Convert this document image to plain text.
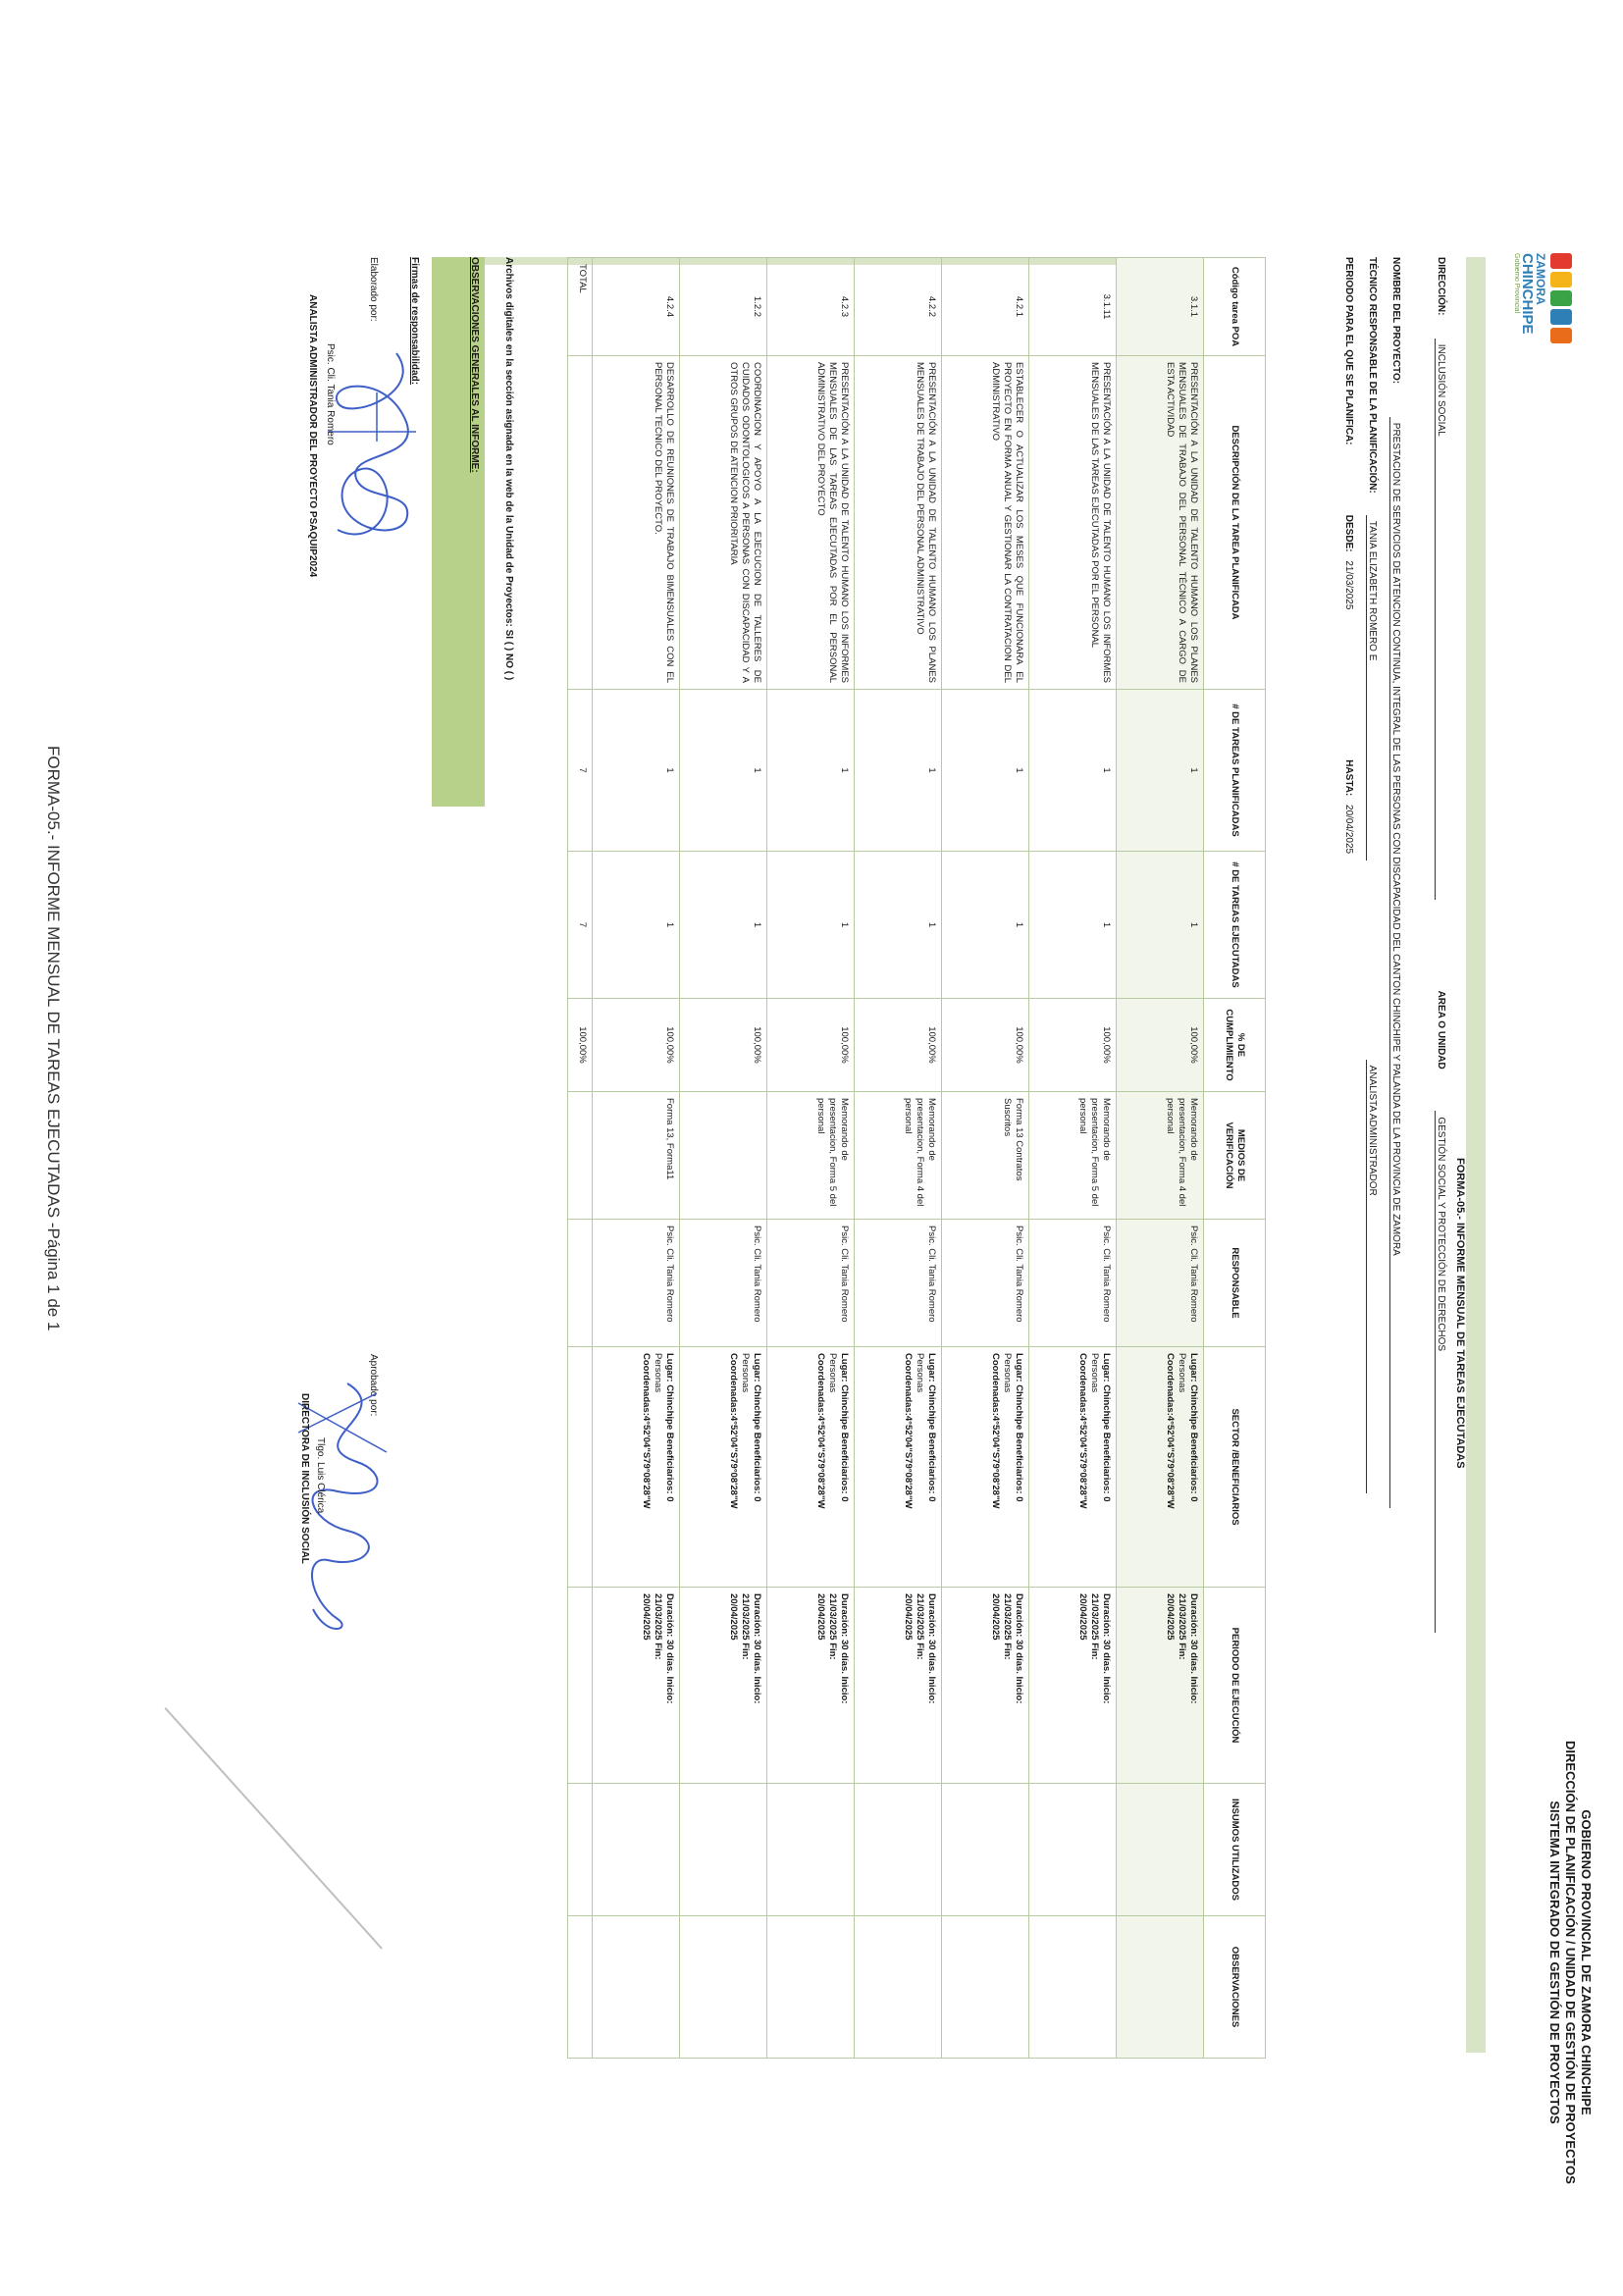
ZAMORA
CHINCHIPE
Gobierno Provincial
GOBIERNO PROVINCIAL DE ZAMORA CHINCHIPE
DIRECCIÓN DE PLANIFICACIÓN / UNIDAD DE GESTIÓN DE PROYECTOS
SISTEMA INTEGRADO DE GESTIÓN DE PROYECTOS
FORMA-05.- INFORME MENSUAL DE TAREAS EJECUTADAS
DIRECCIÓN: INCLUSIÓN SOCIAL AREA O UNIDAD GESTIÓN SOCIAL Y PROTECCIÓN DE DERECHOS
NOMBRE DEL PROYECTO: PRESTACION DE SERVICIOS DE ATENCION CONTINUA, INTEGRAL DE LAS PERSONAS CON DISCAPACIDAD DEL CANTON CHINCHIPE Y PALANDA DE LA PROVINCIA DE ZAMORA
TÉCNICO RESPONSABLE DE LA PLANIFICACIÓN: TANIA ELIZABETH ROMERO E ANALISTA ADMINISTRADOR
PERIODO PARA EL QUE SE PLANIFICA: DESDE: 21/03/2025 HASTA: 20/04/2025
Código tarea POA	DESCRIPCIÓN DE LA TAREA PLANIFICADA	# DE TAREAS PLANIFICADAS	# DE TAREAS EJECUTADAS	% DE CUMPLIMIENTO	MEDIOS DE VERIFICACIÓN	RESPONSABLE	SECTOR /BENEFICIARIOS	PERIODO DE EJECUCIÓN	INSUMOS UTILIZADOS	OBSERVACIONES
3.1.1	PRESENTACIÓN A LA UNIDAD DE TALENTO HUMANO LOS PLANES MENSUALES DE TRABAJO DEL PERSONAL TÉCNICO A CARGO DE ESTA ACTIVIDAD	1	1	100,00%	Memorando de presentacion, Forma 4 del personal	Psic. Cli. Tania Romero	Lugar: Chinchipe Beneficiarios: 0
Personas
Coordenadas:4°52'04"S79°08'28"W	Duración: 30 días. Inicio:
21/03/2025 Fin:
20/04/2025		
3.1.11	PRESENTACIÓN A LA UNIDAD DE TALENTO HUMANO LOS INFORMES MENSUALES DE LAS TAREAS EJECUTADAS POR EL PERSONAL	1	1	100,00%	Memorando de presentacion, Forma 5 del personal	Psic. Cli. Tania Romero	Lugar: Chinchipe Beneficiarios: 0
Personas
Coordenadas:4°52'04"S79°08'28"W	Duración: 30 días. Inicio:
21/03/2025 Fin:
20/04/2025		
4.2.1	ESTABLECER O ACTUALIZAR LOS MESES QUE FUNCIONARA EL PROYECTO EN FORMA ANUAL Y GESTIONAR LA CONTRATACION DEL ADMINISTRATIVO	1	1	100,00%	Forma 13 Contratos Suscritos	Psic. Cli. Tania Romero	Lugar: Chinchipe Beneficiarios: 0
Personas
Coordenadas:4°52'04"S79°08'28"W	Duración: 30 días. Inicio:
21/03/2025 Fin:
20/04/2025		
4.2.2	PRESENTACIÓN A LA UNIDAD DE TALENTO HUMANO LOS PLANES MENSUALES DE TRABAJO DEL PERSONAL ADMINISTRATIVO	1	1	100,00%	Memorando de presentacion, Forma 4 del personal	Psic. Cli. Tania Romero	Lugar: Chinchipe Beneficiarios: 0
Personas
Coordenadas:4°52'04"S79°08'28"W	Duración: 30 días. Inicio:
21/03/2025 Fin:
20/04/2025		
4.2.3	PRESENTACIÓN A LA UNIDAD DE TALENTO HUMANO LOS INFORMES MENSUALES DE LAS TAREAS EJECUTADAS POR EL PERSONAL ADMINISTRATIVO DEL PROYECTO	1	1	100,00%	Memorando de presentacion, Forma 5 del personal	Psic. Cli. Tania Romero	Lugar: Chinchipe Beneficiarios: 0
Personas
Coordenadas:4°52'04"S79°08'28"W	Duración: 30 días. Inicio:
21/03/2025 Fin:
20/04/2025		
1.2.2	COORDINACION Y APOYO A LA EJECUCION DE TALLERES DE CUIDADOS ODONTOLOGICOS A PERSONAS CON DISCAPACIDAD Y A OTROS GRUPOS DE ATENCION PRIORITARIA	1	1	100,00%		Psic. Cli. Tania Romero	Lugar: Chinchipe Beneficiarios: 0
Personas
Coordenadas:4°52'04"S79°08'28"W	Duración: 30 días. Inicio:
21/03/2025 Fin:
20/04/2025		
4.2.4	DESARROLLO DE REUNIONES DE TRABAJO BIMENSUALES CON EL PERSONAL TECNICO DEL PROYECTO.	1	1	100,00%	Forma 13, Forma11	Psic. Cli. Tania Romero	Lugar: Chinchipe Beneficiarios: 0
Personas
Coordenadas:4°52'04"S79°08'28"W	Duración: 30 días. Inicio:
21/03/2025 Fin:
20/04/2025		
TOTAL		7	7	100,00%						
Archivos digitales en la sección asignada en la web de la Unidad de Proyectos: SI ( ) NO ( )
OBSERVACIONES GENERALES AL INFORME:
Firmas de responsabilidad:
Elaborado por:
Aprobado por:
Psic. Cli. Tania Romero
ANALISTA ADMINISTRADOR DEL PROYECTO PSAQUIP2024
Tlgo. Luis Clérica
DIRECTORA DE INCLUSIÓN SOCIAL
FORMA-05.- INFORME MENSUAL DE TAREAS EJECUTADAS -Página 1 de 1
